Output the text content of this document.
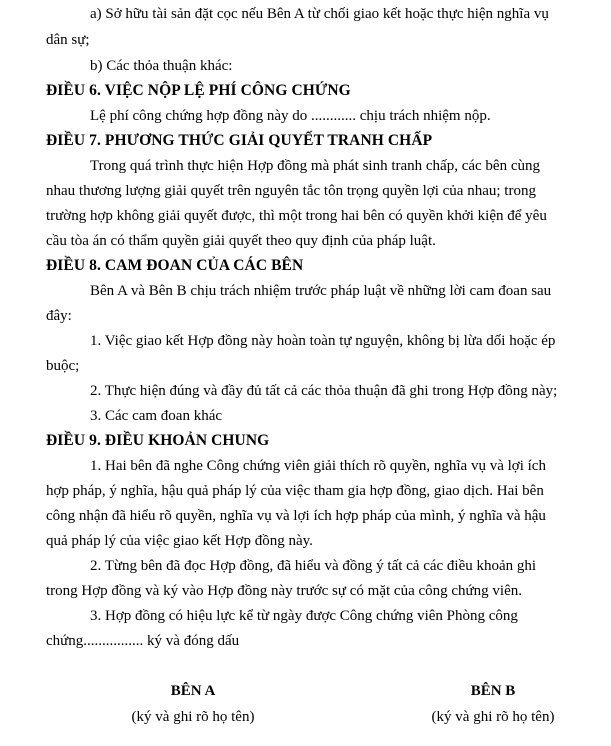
a) Sở hữu tài sản đặt cọc nếu Bên A từ chối giao kết hoặc thực hiện nghĩa vụ
dân sự;
b) Các thỏa thuận khác:
ĐIỀU 6. VIỆC NỘP LỆ PHÍ CÔNG CHỨNG
Lệ phí công chứng hợp đồng này do ............ chịu trách nhiệm nộp.
ĐIỀU 7. PHƯƠNG THỨC GIẢI QUYẾT TRANH CHẤP
Trong quá trình thực hiện Hợp đồng mà phát sinh tranh chấp, các bên cùng
nhau thương lượng giải quyết trên nguyên tắc tôn trọng quyền lợi của nhau; trong
trường hợp không giải quyết được, thì một trong hai bên có quyền khởi kiện để yêu
cầu tòa án có thẩm quyền giải quyết theo quy định của pháp luật.
ĐIỀU 8. CAM ĐOAN CỦA CÁC BÊN
Bên A và Bên B chịu trách nhiệm trước pháp luật về những lời cam đoan sau
đây:
1. Việc giao kết Hợp đồng này hoàn toàn tự nguyện, không bị lừa dối hoặc ép
buộc;
2. Thực hiện đúng và đầy đủ tất cả các thỏa thuận đã ghi trong Hợp đồng này;
3. Các cam đoan khác
ĐIỀU 9. ĐIỀU KHOẢN CHUNG
1. Hai bên đã nghe Công chứng viên giải thích rõ quyền, nghĩa vụ và lợi ích
hợp pháp, ý nghĩa, hậu quả pháp lý của việc tham gia hợp đồng, giao dịch. Hai bên
công nhận đã hiểu rõ quyền, nghĩa vụ và lợi ích hợp pháp của mình, ý nghĩa và hậu
quả pháp lý của việc giao kết Hợp đồng này.
2. Từng bên đã đọc Hợp đồng, đã hiểu và đồng ý tất cả các điều khoản ghi
trong Hợp đồng và ký vào Hợp đồng này trước sự có mặt của công chứng viên.
3. Hợp đồng có hiệu lực kể từ ngày được Công chứng viên Phòng công
chứng................ ký và đóng dấu
BÊN A
(ký và ghi rõ họ tên)
BÊN B
(ký và ghi rõ họ tên)
